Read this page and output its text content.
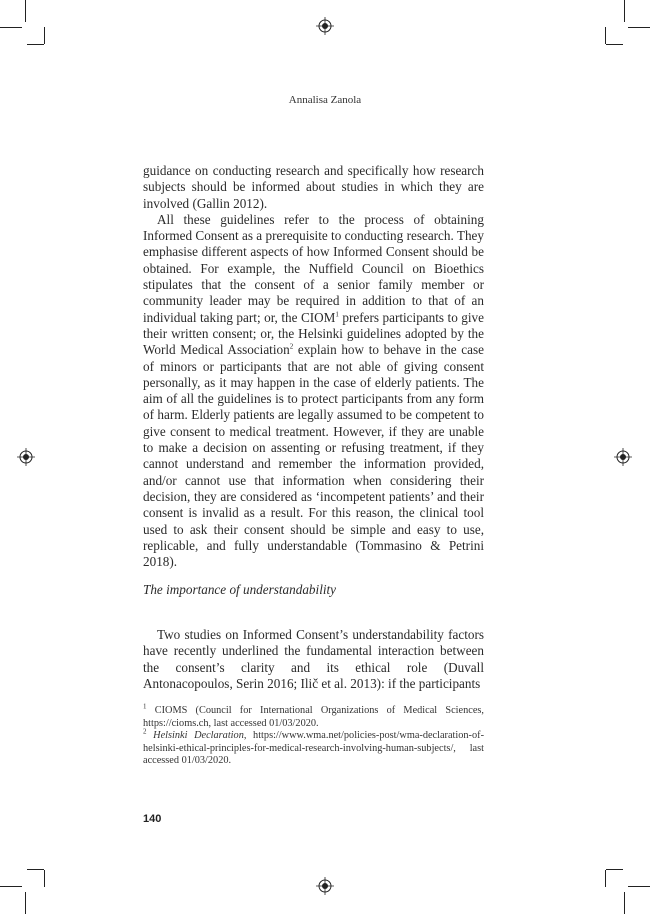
Annalisa Zanola

guidance on conducting research and specifically how research subjects should be informed about studies in which they are involved (Gallin 2012).

All these guidelines refer to the process of obtaining Informed Consent as a prerequisite to conducting research. They emphasise different aspects of how Informed Consent should be obtained. For example, the Nuffield Council on Bioethics stipulates that the consent of a senior family member or community leader may be required in addition to that of an individual taking part; or, the CIOM$^1$ prefers participants to give their written consent; or, the Helsinki guidelines adopted by the World Medical Association$^2$ explain how to behave in the case of minors or participants that are not able of giving consent personally, as it may happen in the case of elderly patients. The aim of all the guidelines is to protect participants from any form of harm. Elderly patients are legally assumed to be competent to give consent to medical treatment. However, if they are unable to make a decision on assenting or refusing treatment, if they cannot understand and remember the information provided, and/or cannot use that information when considering their decision, they are considered as ‘incompetent patients’ and their consent is invalid as a result. For this reason, the clinical tool used to ask their consent should be simple and easy to use, replicable, and fully understandable (Tommasino & Petrini 2018).

The importance of understandability

Two studies on Informed Consent’s understandability factors have recently underlined the fundamental interaction between the consent’s clarity and its ethical role (Duvall Antonacopoulos, Serin 2016; Ilič et al. 2013): if the participants

$^1$ CIOMS (Council for International Organizations of Medical Sciences, https://cioms.ch, last accessed 01/03/2020.

$^2$ Helsinki Declaration, https://www.wma.net/policies-post/wma-declaration-of-helsinki-ethical-principles-for-medical-research-involving-human-subjects/, last accessed 01/03/2020.

140
